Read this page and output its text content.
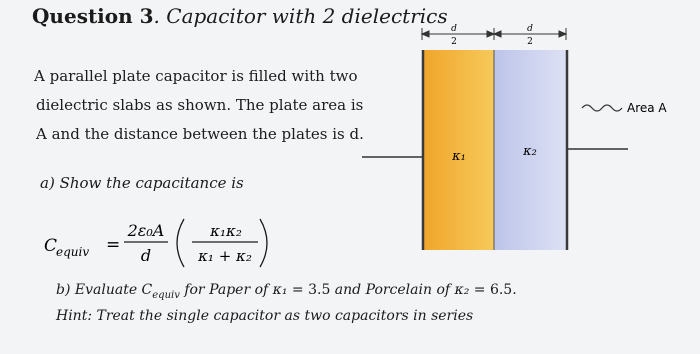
Question 3. Capacitor with 2 dielectrics

A parallel plate capacitor is filled with two

dielectric slabs as shown. The plate area is

A and the distance between the plates is d.

a) Show the capacitance is
C
equiv =
2ε₀A
d
κ₁κ₂
κ₁ + κ₂
b) Evaluate $C_{equiv}$ for Paper of κ₁ = 3.5 and Porcelain of κ₂ = 6.5.
Hint: Treat the single capacitor as two capacitors in series
d
2
d
2
κ₁	κ₂
Area A
